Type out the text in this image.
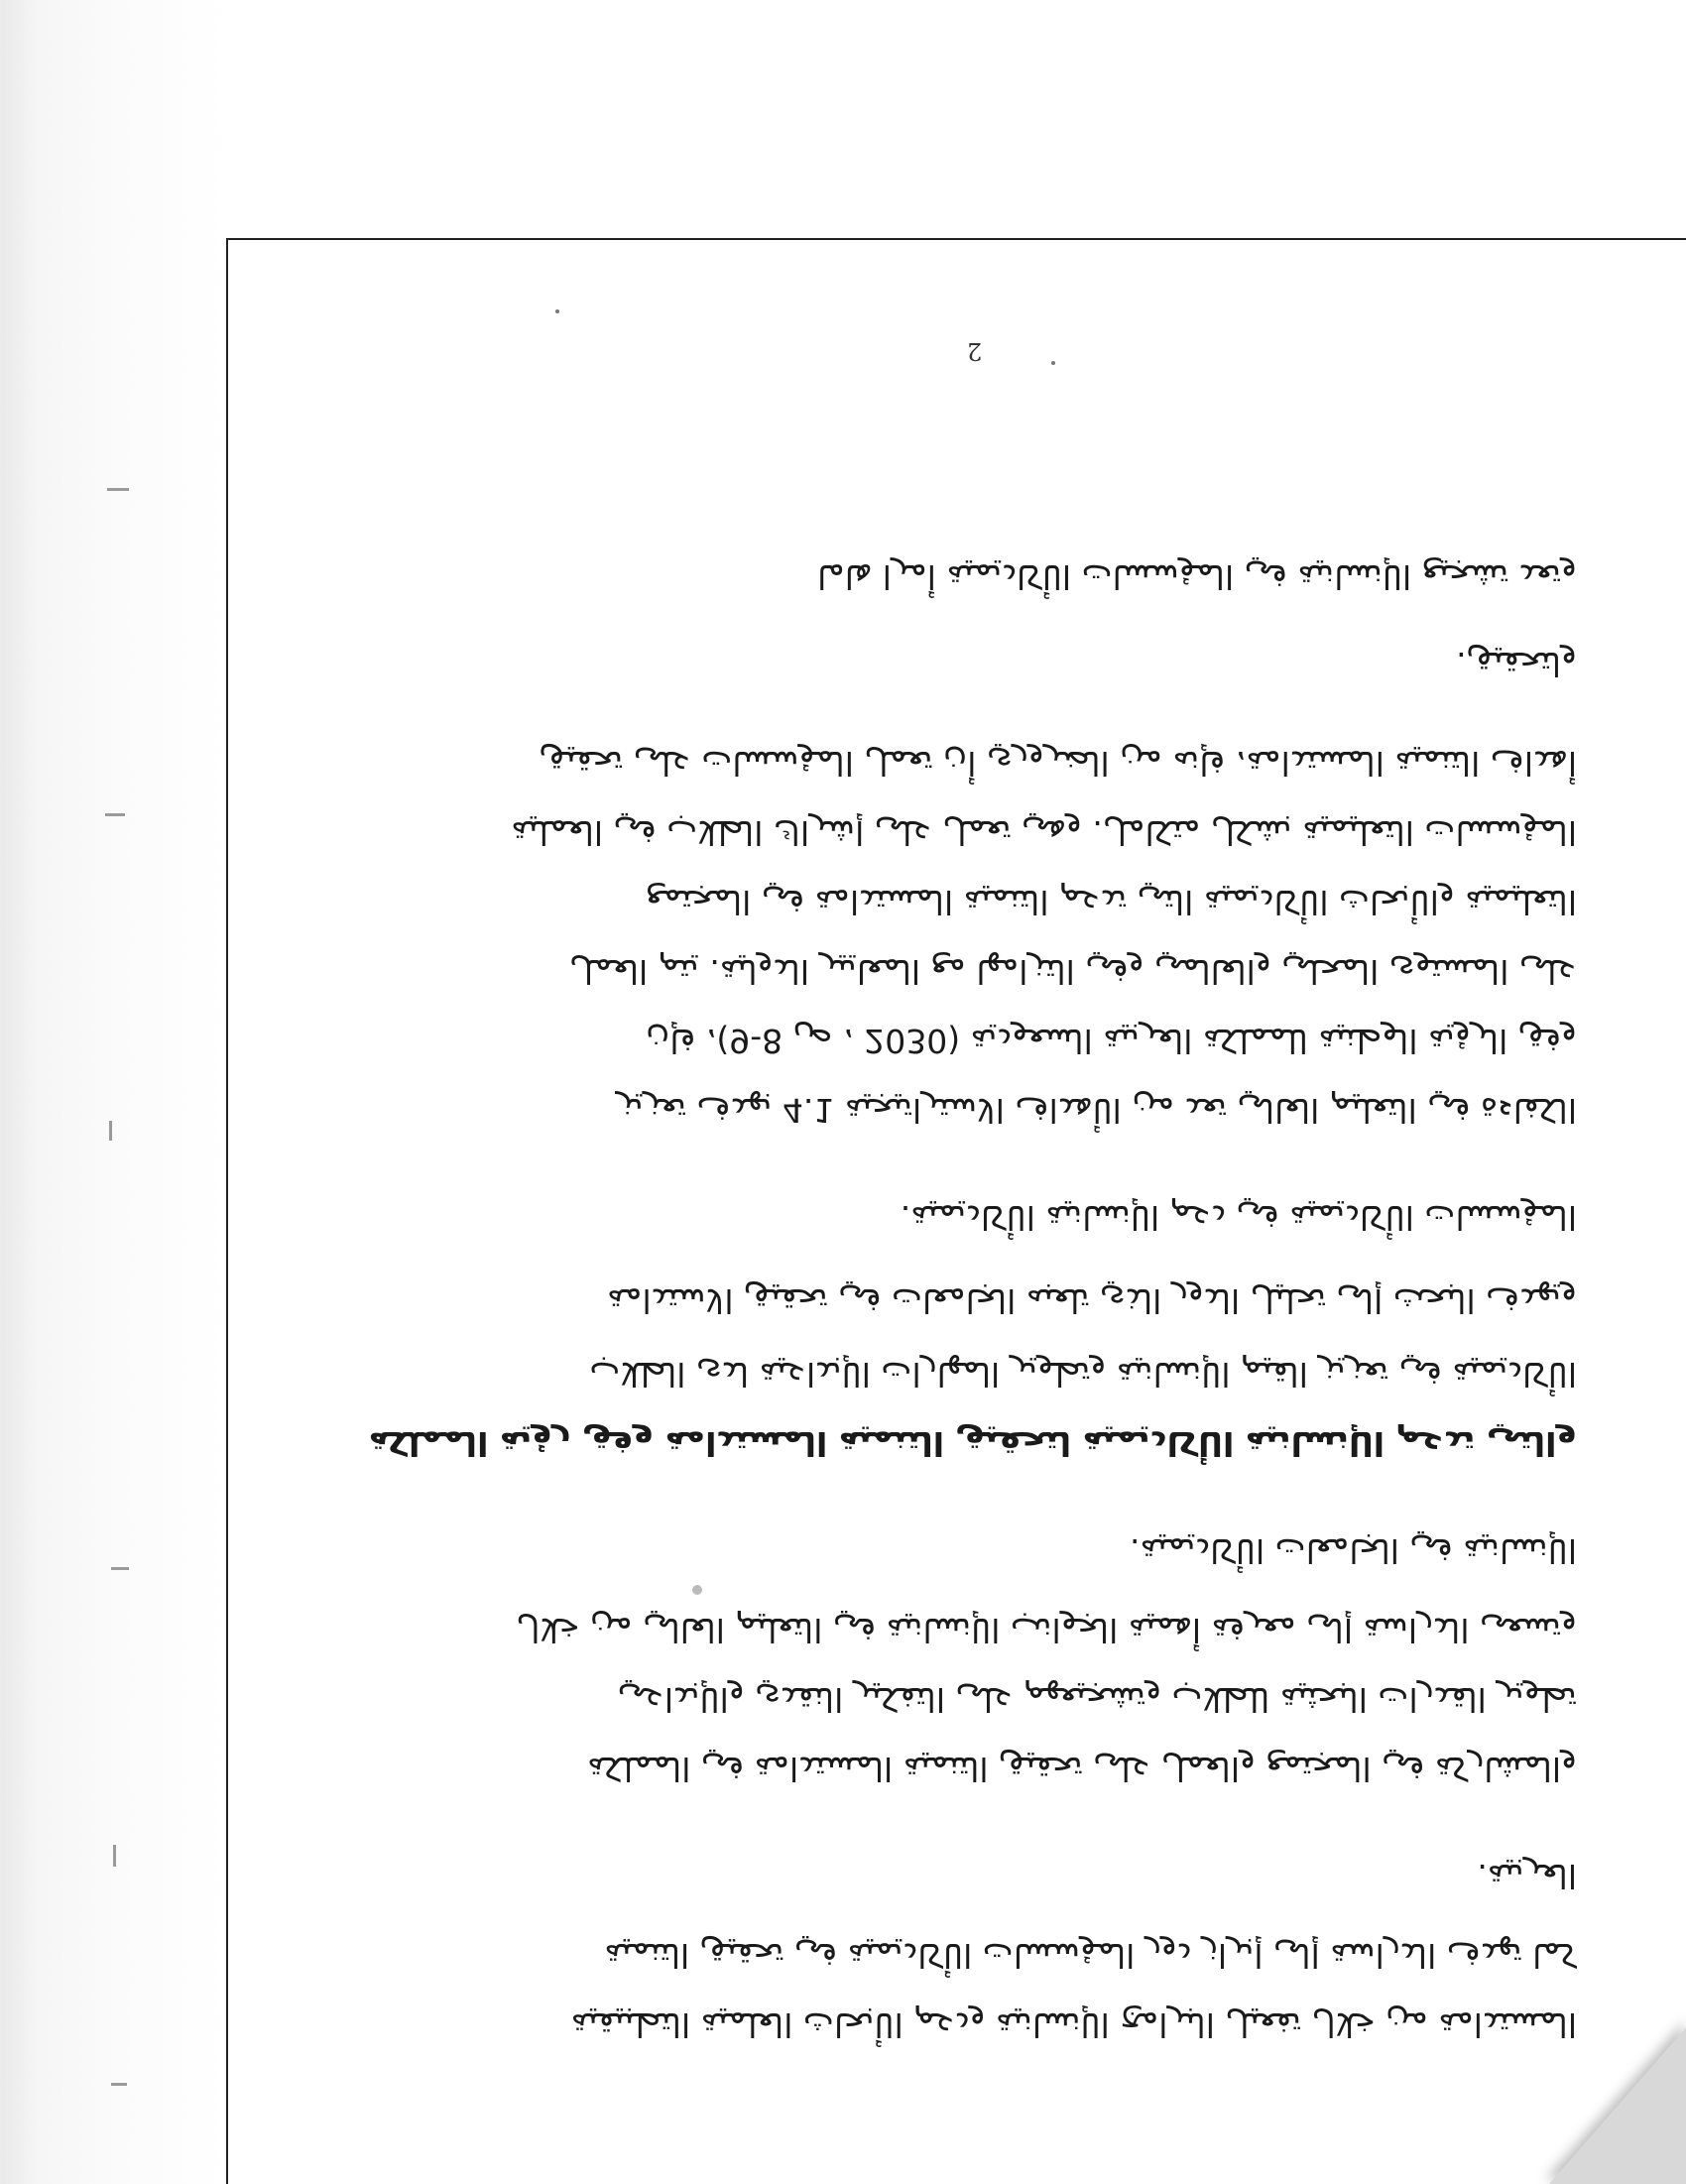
2
وتعد تشجيع الإنسانية في المؤسسات الأكاديمية أمرا هاما
ولتحقيق.
أهداف التنمية المستدامة، فإنه من الضروري أن تعمل المؤسسات على تحقيق
المؤسسات التعليمية بشكل متكامل. وهي تعمل على إشراك الطلاب في العملية
التعليمية والأبحاث الأكاديمية التي تدعم التنمية المستدامة في المجتمع
على المستوى المحلي والعالمي وفي التزامها مع المعايير الدولية. يتم العمل
وفق الرؤية الوطنية للمملكة العربية السعودية (2030 ، ص 8-9)، فإن
الكفاءة في التعليم العالي تعد من الأهداف الاستراتيجية 4.1 بهدف تعزيز
المؤسسات الأكاديمية في دعم الإنسانية الأكاديمية.
ويهدف البحث إلى تحليل الدور الذي تلعبه الجامعات في تحقيق الاستدامة
الأكاديمية في تعزيز القيم الإنسانية وتطوير المهارات الإبداعية لدى الطلاب
والتي تدعم الإنسانية الأكاديمية لتحقيق التنمية المستدامة وفق رؤية المملكة
الإنسانية في الجامعات الأكاديمية.
وتسعى الدراسة إلى معرفة أهمية الجوانب الإنسانية في التعليم العالي من خلال
تطوير القدرات البحثية للطلاب وتشجيعهم على التفكير النقدي والإبداعي
والمشاركة في المجتمع والعمل على تحقيق التنمية المستدامة في المملكة
العربية.
كما تهدف الدراسة إلى إبراز دور المؤسسات الأكاديمية في تحقيق التنمية
المستدامة من خلال تفعيل البرامج الإنسانية ودعم الأبحاث العلمية التطبيقية
